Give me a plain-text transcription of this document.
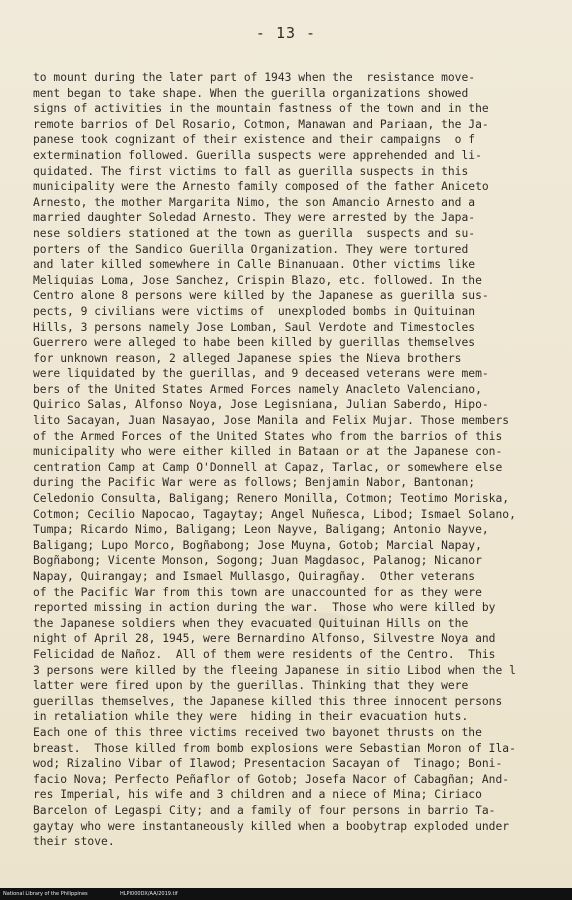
- 13 -
to mount during the later part of 1943 when the  resistance move-
ment began to take shape. When the guerilla organizations showed
signs of activities in the mountain fastness of the town and in the
remote barrios of Del Rosario, Cotmon, Manawan and Pariaan, the Ja-
panese took cognizant of their existence and their campaigns  o f
extermination followed. Guerilla suspects were apprehended and li-
quidated. The first victims to fall as guerilla suspects in this
municipality were the Arnesto family composed of the father Aniceto
Arnesto, the mother Margarita Nimo, the son Amancio Arnesto and a
married daughter Soledad Arnesto. They were arrested by the Japa-
nese soldiers stationed at the town as guerilla  suspects and su-
porters of the Sandico Guerilla Organization. They were tortured
and later killed somewhere in Calle Binanuaan. Other victims like
Meliquias Loma, Jose Sanchez, Crispin Blazo, etc. followed. In the
Centro alone 8 persons were killed by the Japanese as guerilla sus-
pects, 9 civilians were victims of  unexploded bombs in Quituinan
Hills, 3 persons namely Jose Lomban, Saul Verdote and Timestocles
Guerrero were alleged to habe been killed by guerillas themselves
for unknown reason, 2 alleged Japanese spies the Nieva brothers
were liquidated by the guerillas, and 9 deceased veterans were mem-
bers of the United States Armed Forces namely Anacleto Valenciano,
Quirico Salas, Alfonso Noya, Jose Legisniana, Julian Saberdo, Hipo-
lito Sacayan, Juan Nasayao, Jose Manila and Felix Mujar. Those members
of the Armed Forces of the United States who from the barrios of this
municipality who were either killed in Bataan or at the Japanese con-
centration Camp at Camp O'Donnell at Capaz, Tarlac, or somewhere else
during the Pacific War were as follows; Benjamin Nabor, Bantonan;
Celedonio Consulta, Baligang; Renero Monilla, Cotmon; Teotimo Moriska,
Cotmon; Cecilio Napocao, Tagaytay; Angel Nuñesca, Libod; Ismael Solano,
Tumpa; Ricardo Nimo, Baligang; Leon Nayve, Baligang; Antonio Nayve,
Baligang; Lupo Morco, Bogñabong; Jose Muyna, Gotob; Marcial Napay,
Bogñabong; Vicente Monson, Sogong; Juan Magdasoc, Palanog; Nicanor
Napay, Quirangay; and Ismael Mullasgo, Quiragñay.  Other veterans
of the Pacific War from this town are unaccounted for as they were
reported missing in action during the war.  Those who were killed by
the Japanese soldiers when they evacuated Quituinan Hills on the
night of April 28, 1945, were Bernardino Alfonso, Silvestre Noya and
Felicidad de Nañoz.  All of them were residents of the Centro.  This
3 persons were killed by the fleeing Japanese in sitio Libod when the l
latter were fired upon by the guerillas. Thinking that they were
guerillas themselves, the Japanese killed this three innocent persons
in retaliation while they were  hiding in their evacuation huts.
Each one of this three victims received two bayonet thrusts on the
breast.  Those killed from bomb explosions were Sebastian Moron of Ila-
wod; Rizalino Vibar of Ilawod; Presentacion Sacayan of  Tinago; Boni-
facio Nova; Perfecto Peñaflor of Gotob; Josefa Nacor of Cabagñan; And-
res Imperial, his wife and 3 children and a niece of Mina; Ciriaco
Barcelon of Legaspi City; and a family of four persons in barrio Ta-
gaytay who were instantaneously killed when a boobytrap exploded under
their stove.
National Library of the Philippines	HLPI000DX/AA/2019.tif
